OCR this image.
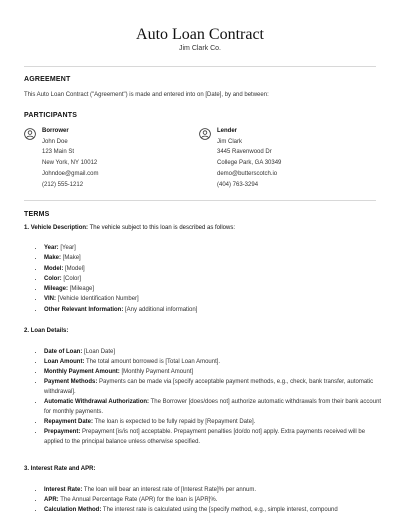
Auto Loan Contract
Jim Clark Co.
AGREEMENT
This Auto Loan Contract ("Agreement") is made and entered into on [Date], by and between:
PARTICIPANTS
Borrower
John Doe
123 Main St
New York, NY 10012
Johndoe@gmail.com
(212) 555-1212
Lender
Jim Clark
3445 Ravenwood Dr
College Park, GA 30349
demo@butterscotch.io
(404) 763-3294
TERMS
1. Vehicle Description: The vehicle subject to this loan is described as follows:
• Year: [Year]
• Make: [Make]
• Model: [Model]
• Color: [Color]
• Mileage: [Mileage]
• VIN: [Vehicle Identification Number]
• Other Relevant Information: [Any additional information]
2. Loan Details:
• Date of Loan: [Loan Date]
• Loan Amount: The total amount borrowed is [Total Loan Amount].
• Monthly Payment Amount: [Monthly Payment Amount]
• Payment Methods: Payments can be made via [specify acceptable payment methods, e.g., check, bank transfer, automatic withdrawal].
• Automatic Withdrawal Authorization: The Borrower [does/does not] authorize automatic withdrawals from their bank account for monthly payments.
• Repayment Date: The loan is expected to be fully repaid by [Repayment Date].
• Prepayment: Prepayment [is/is not] acceptable. Prepayment penalties [do/do not] apply. Extra payments received will be applied to the principal balance unless otherwise specified.
3. Interest Rate and APR:
• Interest Rate: The loan will bear an interest rate of [Interest Rate]% per annum.
• APR: The Annual Percentage Rate (APR) for the loan is [APR]%.
• Calculation Method: The interest rate is calculated using the [specify method, e.g., simple interest, compound
